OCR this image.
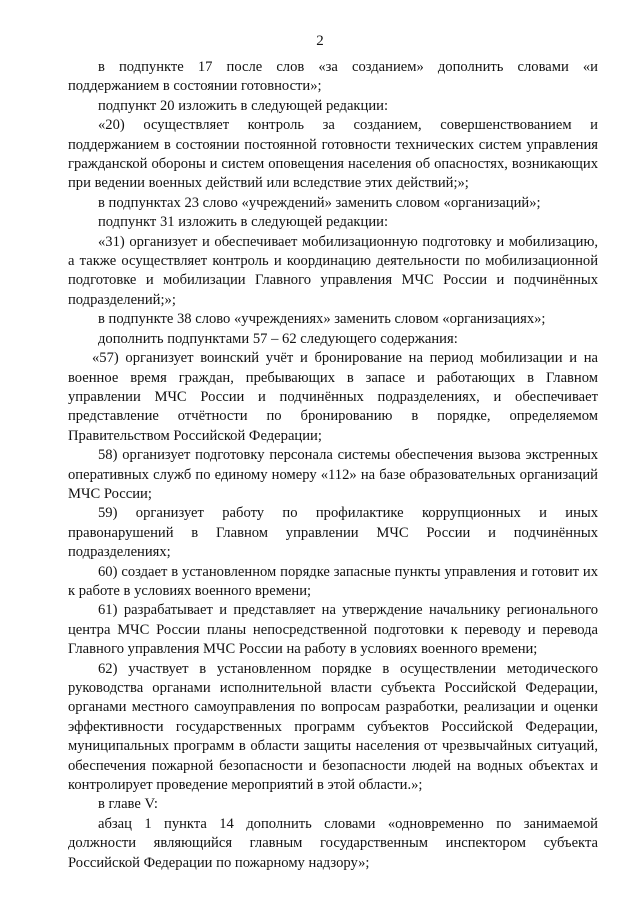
2

в подпункте 17 после слов «за созданием» дополнить словами «и поддержанием в состоянии готовности»;

подпункт 20 изложить в следующей редакции:

«20) осуществляет контроль за созданием, совершенствованием и поддержанием в состоянии постоянной готовности технических систем управления гражданской обороны и систем оповещения населения об опасностях, возникающих при ведении военных действий или вследствие этих действий;»;

в подпунктах 23 слово «учреждений» заменить словом «организаций»;

подпункт 31 изложить в следующей редакции:

«31) организует и обеспечивает мобилизационную подготовку и мобилизацию, а также осуществляет контроль и координацию деятельности по мобилизационной подготовке и мобилизации Главного управления МЧС России и подчинённых подразделений;»;

в подпункте 38 слово «учреждениях» заменить словом «организациях»;

дополнить подпунктами 57 – 62 следующего содержания:

«57) организует воинский учёт и бронирование на период мобилизации и на военное время граждан, пребывающих в запасе и работающих в Главном управлении МЧС России и подчинённых подразделениях, и обеспечивает представление отчётности по бронированию в порядке, определяемом Правительством Российской Федерации;

58) организует подготовку персонала системы обеспечения вызова экстренных оперативных служб по единому номеру «112» на базе образовательных организаций МЧС России;

59) организует работу по профилактике коррупционных и иных правонарушений в Главном управлении МЧС России и подчинённых подразделениях;

60) создает в установленном порядке запасные пункты управления и готовит их к работе в условиях военного времени;

61) разрабатывает и представляет на утверждение начальнику регионального центра МЧС России планы непосредственной подготовки к переводу и перевода Главного управления МЧС России на работу в условиях военного времени;

62) участвует в установленном порядке в осуществлении методического руководства органами исполнительной власти субъекта Российской Федерации, органами местного самоуправления по вопросам разработки, реализации и оценки эффективности государственных программ субъектов Российской Федерации, муниципальных программ в области защиты населения от чрезвычайных ситуаций, обеспечения пожарной безопасности и безопасности людей на водных объектах и контролирует проведение мероприятий в этой области.»;

в главе V:

абзац 1 пункта 14 дополнить словами «одновременно по занимаемой должности являющийся главным государственным инспектором субъекта Российской Федерации по пожарному надзору»;
